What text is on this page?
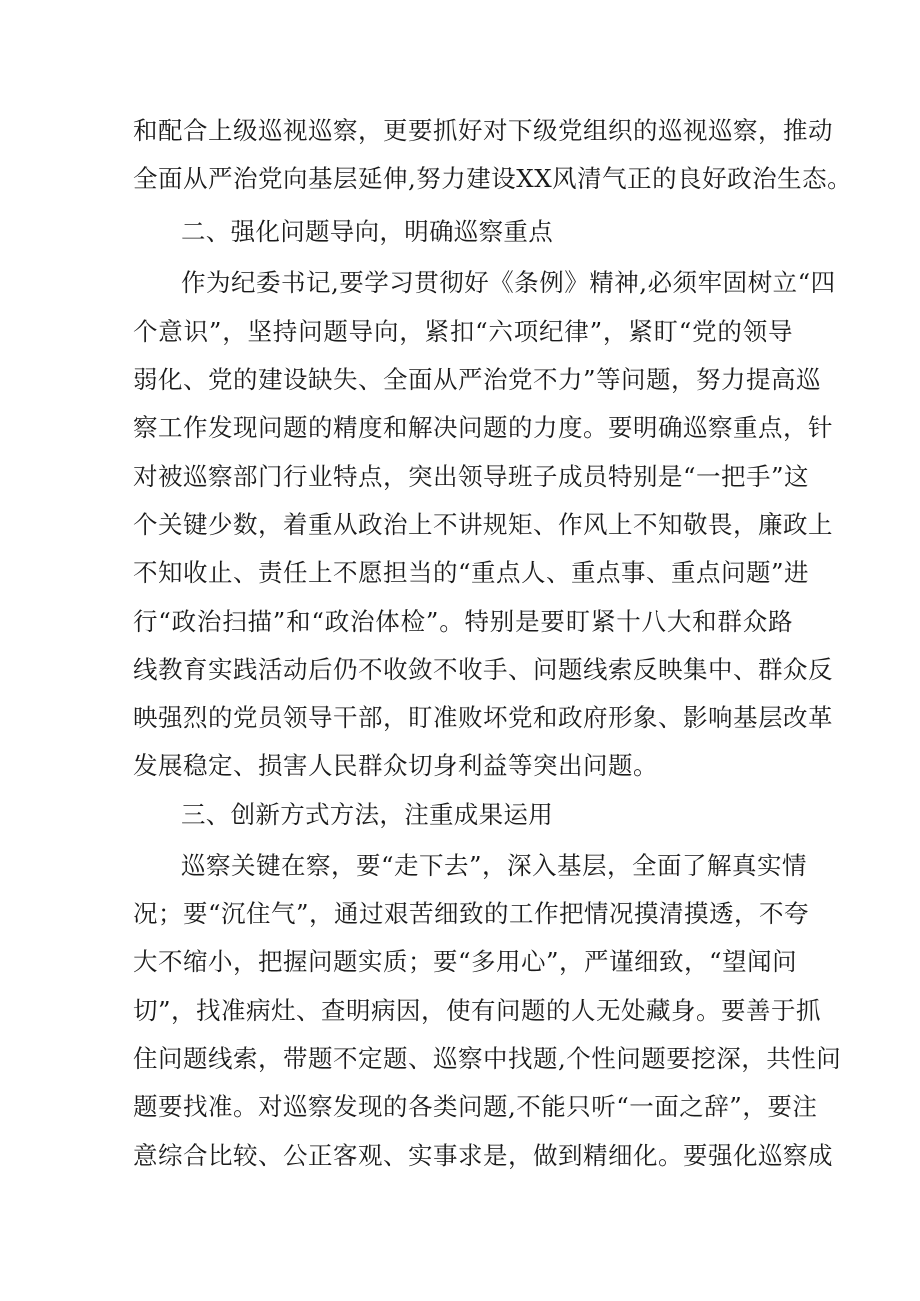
和配合上级巡视巡察，更要抓好对下级党组织的巡视巡察，推动
全面从严治党向基层延伸,努力建设XX风清气正的良好政治生态。
二、强化问题导向，明确巡察重点
作为纪委书记,要学习贯彻好《条例》精神,必须牢固树立“四
个意识”，坚持问题导向，紧扣“六项纪律”，紧盯“党的领导
弱化、党的建设缺失、全面从严治党不力”等问题，努力提高巡
察工作发现问题的精度和解决问题的力度。要明确巡察重点，针
对被巡察部门行业特点，突出领导班子成员特别是“一把手”这
个关键少数，着重从政治上不讲规矩、作风上不知敬畏，廉政上
不知收止、责任上不愿担当的“重点人、重点事、重点问题”进
行“政治扫描”和“政治体检”。特别是要盯紧十八大和群众路
线教育实践活动后仍不收敛不收手、问题线索反映集中、群众反
映强烈的党员领导干部，盯准败坏党和政府形象、影响基层改革
发展稳定、损害人民群众切身利益等突出问题。
三、创新方式方法，注重成果运用
巡察关键在察，要“走下去”，深入基层，全面了解真实情
况；要“沉住气”，通过艰苦细致的工作把情况摸清摸透，不夸
大不缩小，把握问题实质；要“多用心”，严谨细致，“望闻问
切”，找准病灶、查明病因，使有问题的人无处藏身。要善于抓
住问题线索，带题不定题、巡察中找题,个性问题要挖深，共性问
题要找准。对巡察发现的各类问题,不能只听“一面之辞”，要注
意综合比较、公正客观、实事求是，做到精细化。要强化巡察成
